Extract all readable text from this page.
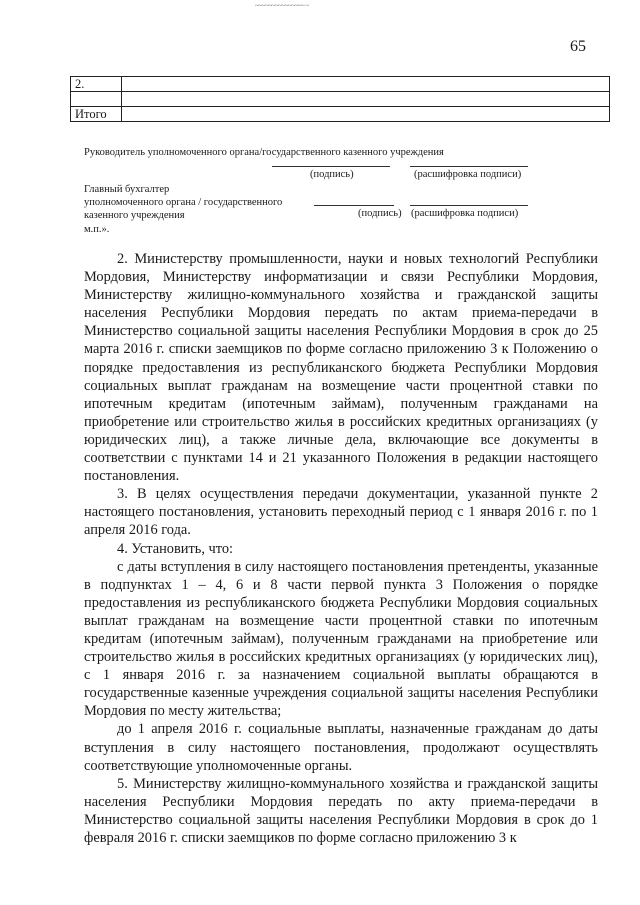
~~~~~~~~~~~~~~~ ~
65
2.	

Итого	
Руководитель уполномоченного органа/государственного казенного учреждения
(подпись)	(расшифровка подписи)
Главный бухгалтер
уполномоченного органа / государственного
казенного учреждения	(подпись) (расшифровка подписи)
м.п.».

2. Министерству промышленности, науки и новых технологий Республики Мордовия, Министерству информатизации и связи Республики Мордовия, Министерству жилищно-коммунального хозяйства и гражданской защиты населения Республики Мордовия передать по актам приема-передачи в Министерство социальной защиты населения Республики Мордовия в срок до 25 марта 2016 г. списки заемщиков по форме согласно приложению 3 к Положению о порядке предоставления из республиканского бюджета Республики Мордовия социальных выплат гражданам на возмещение части процентной ставки по ипотечным кредитам (ипотечным займам), полученным гражданами на приобретение или строительство жилья в российских кредитных организациях (у юридических лиц), а также личные дела, включающие все документы в соответствии с пунктами 14 и 21 указанного Положения в редакции настоящего постановления.

3. В целях осуществления передачи документации, указанной пункте 2 настоящего постановления, установить переходный период с 1 января 2016 г. по 1 апреля 2016 года.

4. Установить, что:

с даты вступления в силу настоящего постановления претенденты, указанные в подпунктах 1 – 4, 6 и 8 части первой пункта 3 Положения о порядке предоставления из республиканского бюджета Республики Мордовия социальных выплат гражданам на возмещение части процентной ставки по ипотечным кредитам (ипотечным займам), полученным гражданами на приобретение или строительство жилья в российских кредитных организациях (у юридических лиц), с 1 января 2016 г. за назначением социальной выплаты обращаются в государственные казенные учреждения социальной защиты населения Республики Мордовия по месту жительства;

до 1 апреля 2016 г. социальные выплаты, назначенные гражданам до даты вступления в силу настоящего постановления, продолжают осуществлять соответствующие уполномоченные органы.

5. Министерству жилищно-коммунального хозяйства и гражданской защиты населения Республики Мордовия передать по акту приема-передачи в Министерство социальной защиты населения Республики Мордовия в срок до 1 февраля 2016 г. списки заемщиков по форме согласно приложению 3 к
